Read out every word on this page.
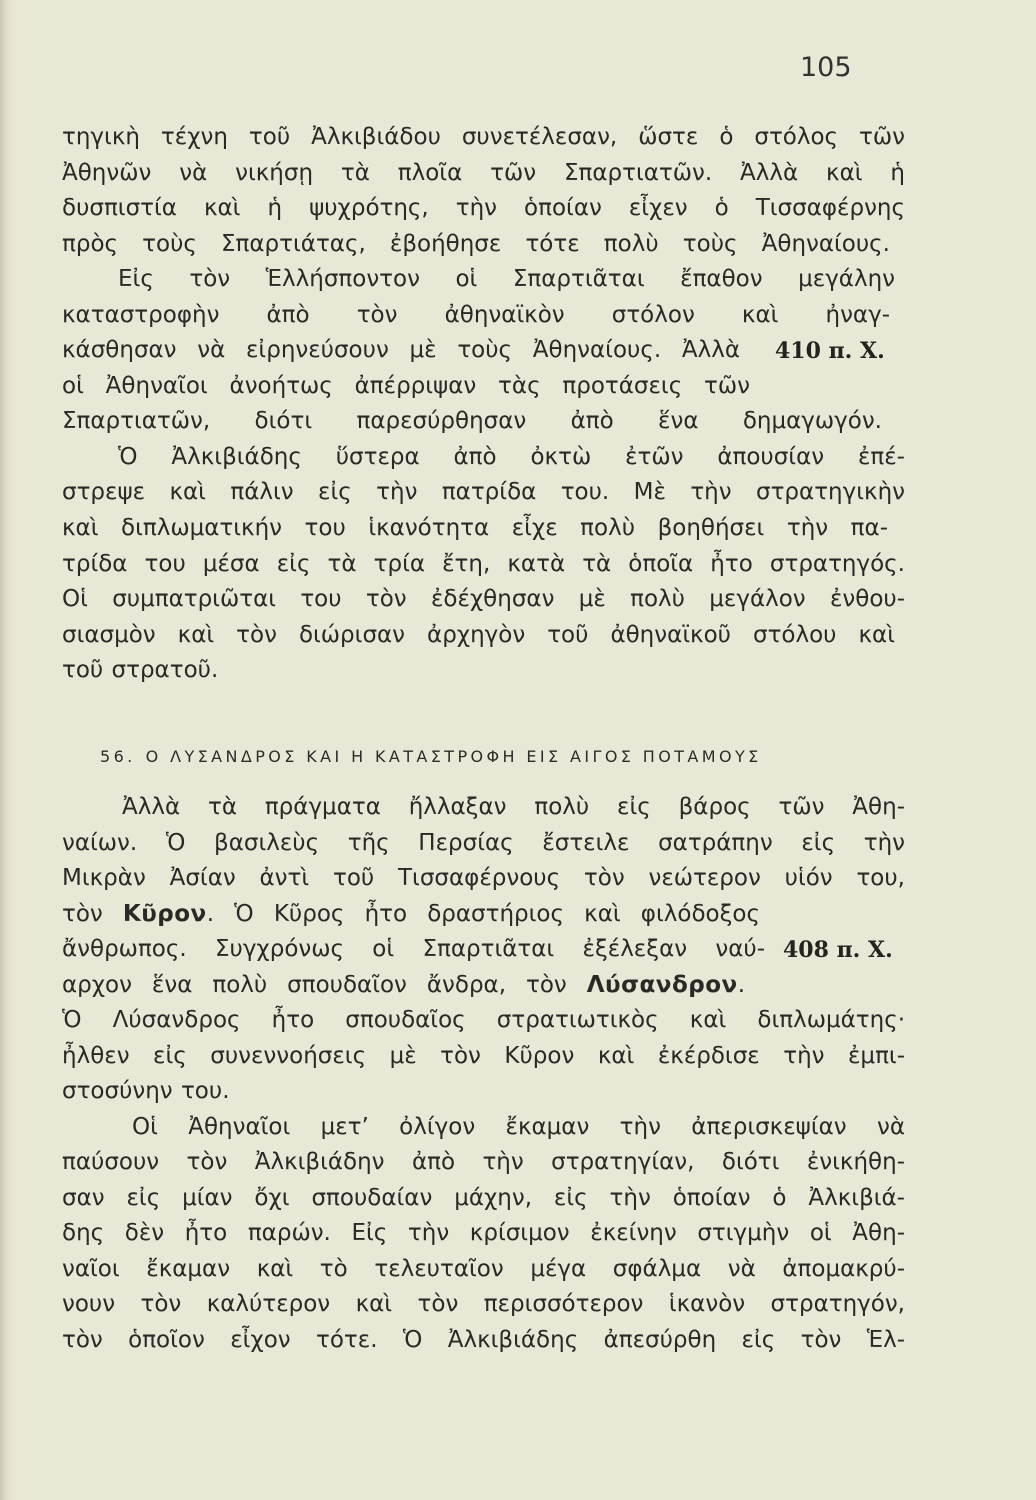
105
τηγικὴ τέχνη τοῦ Ἀλκιβιάδου συνετέλεσαν, ὥστε ὁ στόλος τῶν
Ἀθηνῶν νὰ νικήσῃ τὰ πλοῖα τῶν Σπαρτιατῶν. Ἀλλὰ καὶ ἡ
δυσπιστία καὶ ἡ ψυχρότης, τὴν ὁποίαν εἶχεν ὁ Τισσαφέρνης
πρὸς τοὺς Σπαρτιάτας, ἐβοήθησε τότε πολὺ τοὺς Ἀθηναίους.
Εἰς τὸν Ἑλλήσποντον οἱ Σπαρτιᾶται ἔπαθον μεγάλην
καταστροφὴν ἀπὸ τὸν ἀθηναϊκὸν στόλον καὶ ἠναγ-
κάσθησαν νὰ εἰρηνεύσουν μὲ τοὺς Ἀθηναίους. Ἀλλὰ
οἱ Ἀθηναῖοι ἀνοήτως ἀπέρριψαν τὰς προτάσεις τῶν
Σπαρτιατῶν, διότι παρεσύρθησαν ἀπὸ ἕνα δημαγωγόν.
Ὁ Ἀλκιβιάδης ὕστερα ἀπὸ ὀκτὼ ἐτῶν ἀπουσίαν ἐπέ-
στρεψε καὶ πάλιν εἰς τὴν πατρίδα του. Μὲ τὴν στρατηγικὴν
καὶ διπλωματικήν του ἱκανότητα εἶχε πολὺ βοηθήσει τὴν πα-
τρίδα του μέσα εἰς τὰ τρία ἔτη, κατὰ τὰ ὁποῖα ἦτο στρατηγός.
Οἱ συμπατριῶται του τὸν ἐδέχθησαν μὲ πολὺ μεγάλον ἐνθου-
σιασμὸν καὶ τὸν διώρισαν ἀρχηγὸν τοῦ ἀθηναϊκοῦ στόλου καὶ
τοῦ στρατοῦ.
410 π. Χ.
56. Ο ΛΥΣΑΝΔΡΟΣ ΚΑΙ Η ΚΑΤΑΣΤΡΟΦΗ ΕΙΣ ΑΙΓΟΣ ΠΟΤΑΜΟΥΣ
Ἀλλὰ τὰ πράγματα ἤλλαξαν πολὺ εἰς βάρος τῶν Ἀθη-
ναίων. Ὁ βασιλεὺς τῆς Περσίας ἔστειλε σατράπην εἰς τὴν
Μικρὰν Ἀσίαν ἀντὶ τοῦ Τισσαφέρνους τὸν νεώτερον υἱόν του,
τὸν Κῦρον. Ὁ Κῦρος ἦτο δραστήριος καὶ φιλόδοξος
ἄνθρωπος. Συγχρόνως οἱ Σπαρτιᾶται ἐξέλεξαν ναύ-
αρχον ἕνα πολὺ σπουδαῖον ἄνδρα, τὸν Λύσανδρον.
Ὁ Λύσανδρος ἦτο σπουδαῖος στρατιωτικὸς καὶ διπλωμάτης·
ἦλθεν εἰς συνεννοήσεις μὲ τὸν Κῦρον καὶ ἐκέρδισε τὴν ἐμπι-
στοσύνην του.
Οἱ Ἀθηναῖοι μετ’ ὀλίγον ἔκαμαν τὴν ἀπερισκεψίαν νὰ
παύσουν τὸν Ἀλκιβιάδην ἀπὸ τὴν στρατηγίαν, διότι ἐνικήθη-
σαν εἰς μίαν ὄχι σπουδαίαν μάχην, εἰς τὴν ὁποίαν ὁ Ἀλκιβιά-
δης δὲν ἦτο παρών. Εἰς τὴν κρίσιμον ἐκείνην στιγμὴν οἱ Ἀθη-
ναῖοι ἔκαμαν καὶ τὸ τελευταῖον μέγα σφάλμα νὰ ἀπομακρύ-
νουν τὸν καλύτερον καὶ τὸν περισσότερον ἱκανὸν στρατηγόν,
τὸν ὁποῖον εἶχον τότε. Ὁ Ἀλκιβιάδης ἀπεσύρθη εἰς τὸν Ἑλ-
408 π. Χ.
